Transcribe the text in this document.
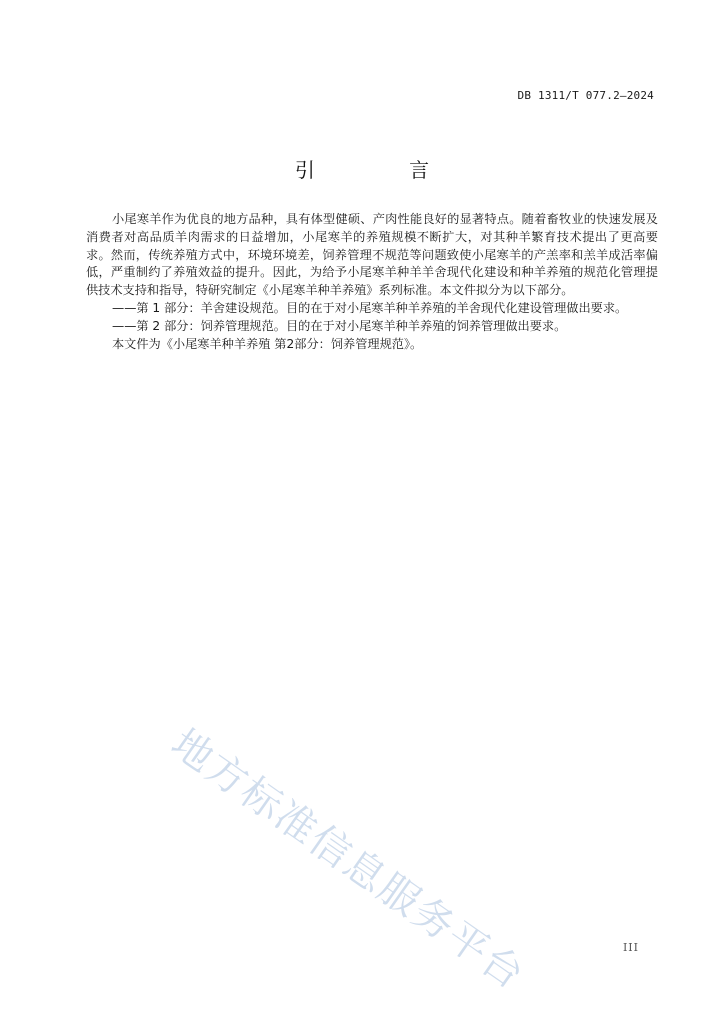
DB 1311/T 077.2—2024
引 言

小尾寒羊作为优良的地方品种，具有体型健硕、产肉性能良好的显著特点。随着畜牧业的快速发展及消费者对高品质羊肉需求的日益增加，小尾寒羊的养殖规模不断扩大，对其种羊繁育技术提出了更高要求。然而，传统养殖方式中，环境环境差，饲养管理不规范等问题致使小尾寒羊的产羔率和羔羊成活率偏低，严重制约了养殖效益的提升。因此，为给予小尾寒羊种羊羊舍现代化建设和种羊养殖的规范化管理提供技术支持和指导，特研究制定《小尾寒羊种羊养殖》系列标准。本文件拟分为以下部分。

——第 1 部分：羊舍建设规范。目的在于对小尾寒羊种羊养殖的羊舍现代化建设管理做出要求。

——第 2 部分：饲养管理规范。目的在于对小尾寒羊种羊养殖的饲养管理做出要求。

本文件为《小尾寒羊种羊养殖 第2部分：饲养管理规范》。

地方标准信息服务平台	III
